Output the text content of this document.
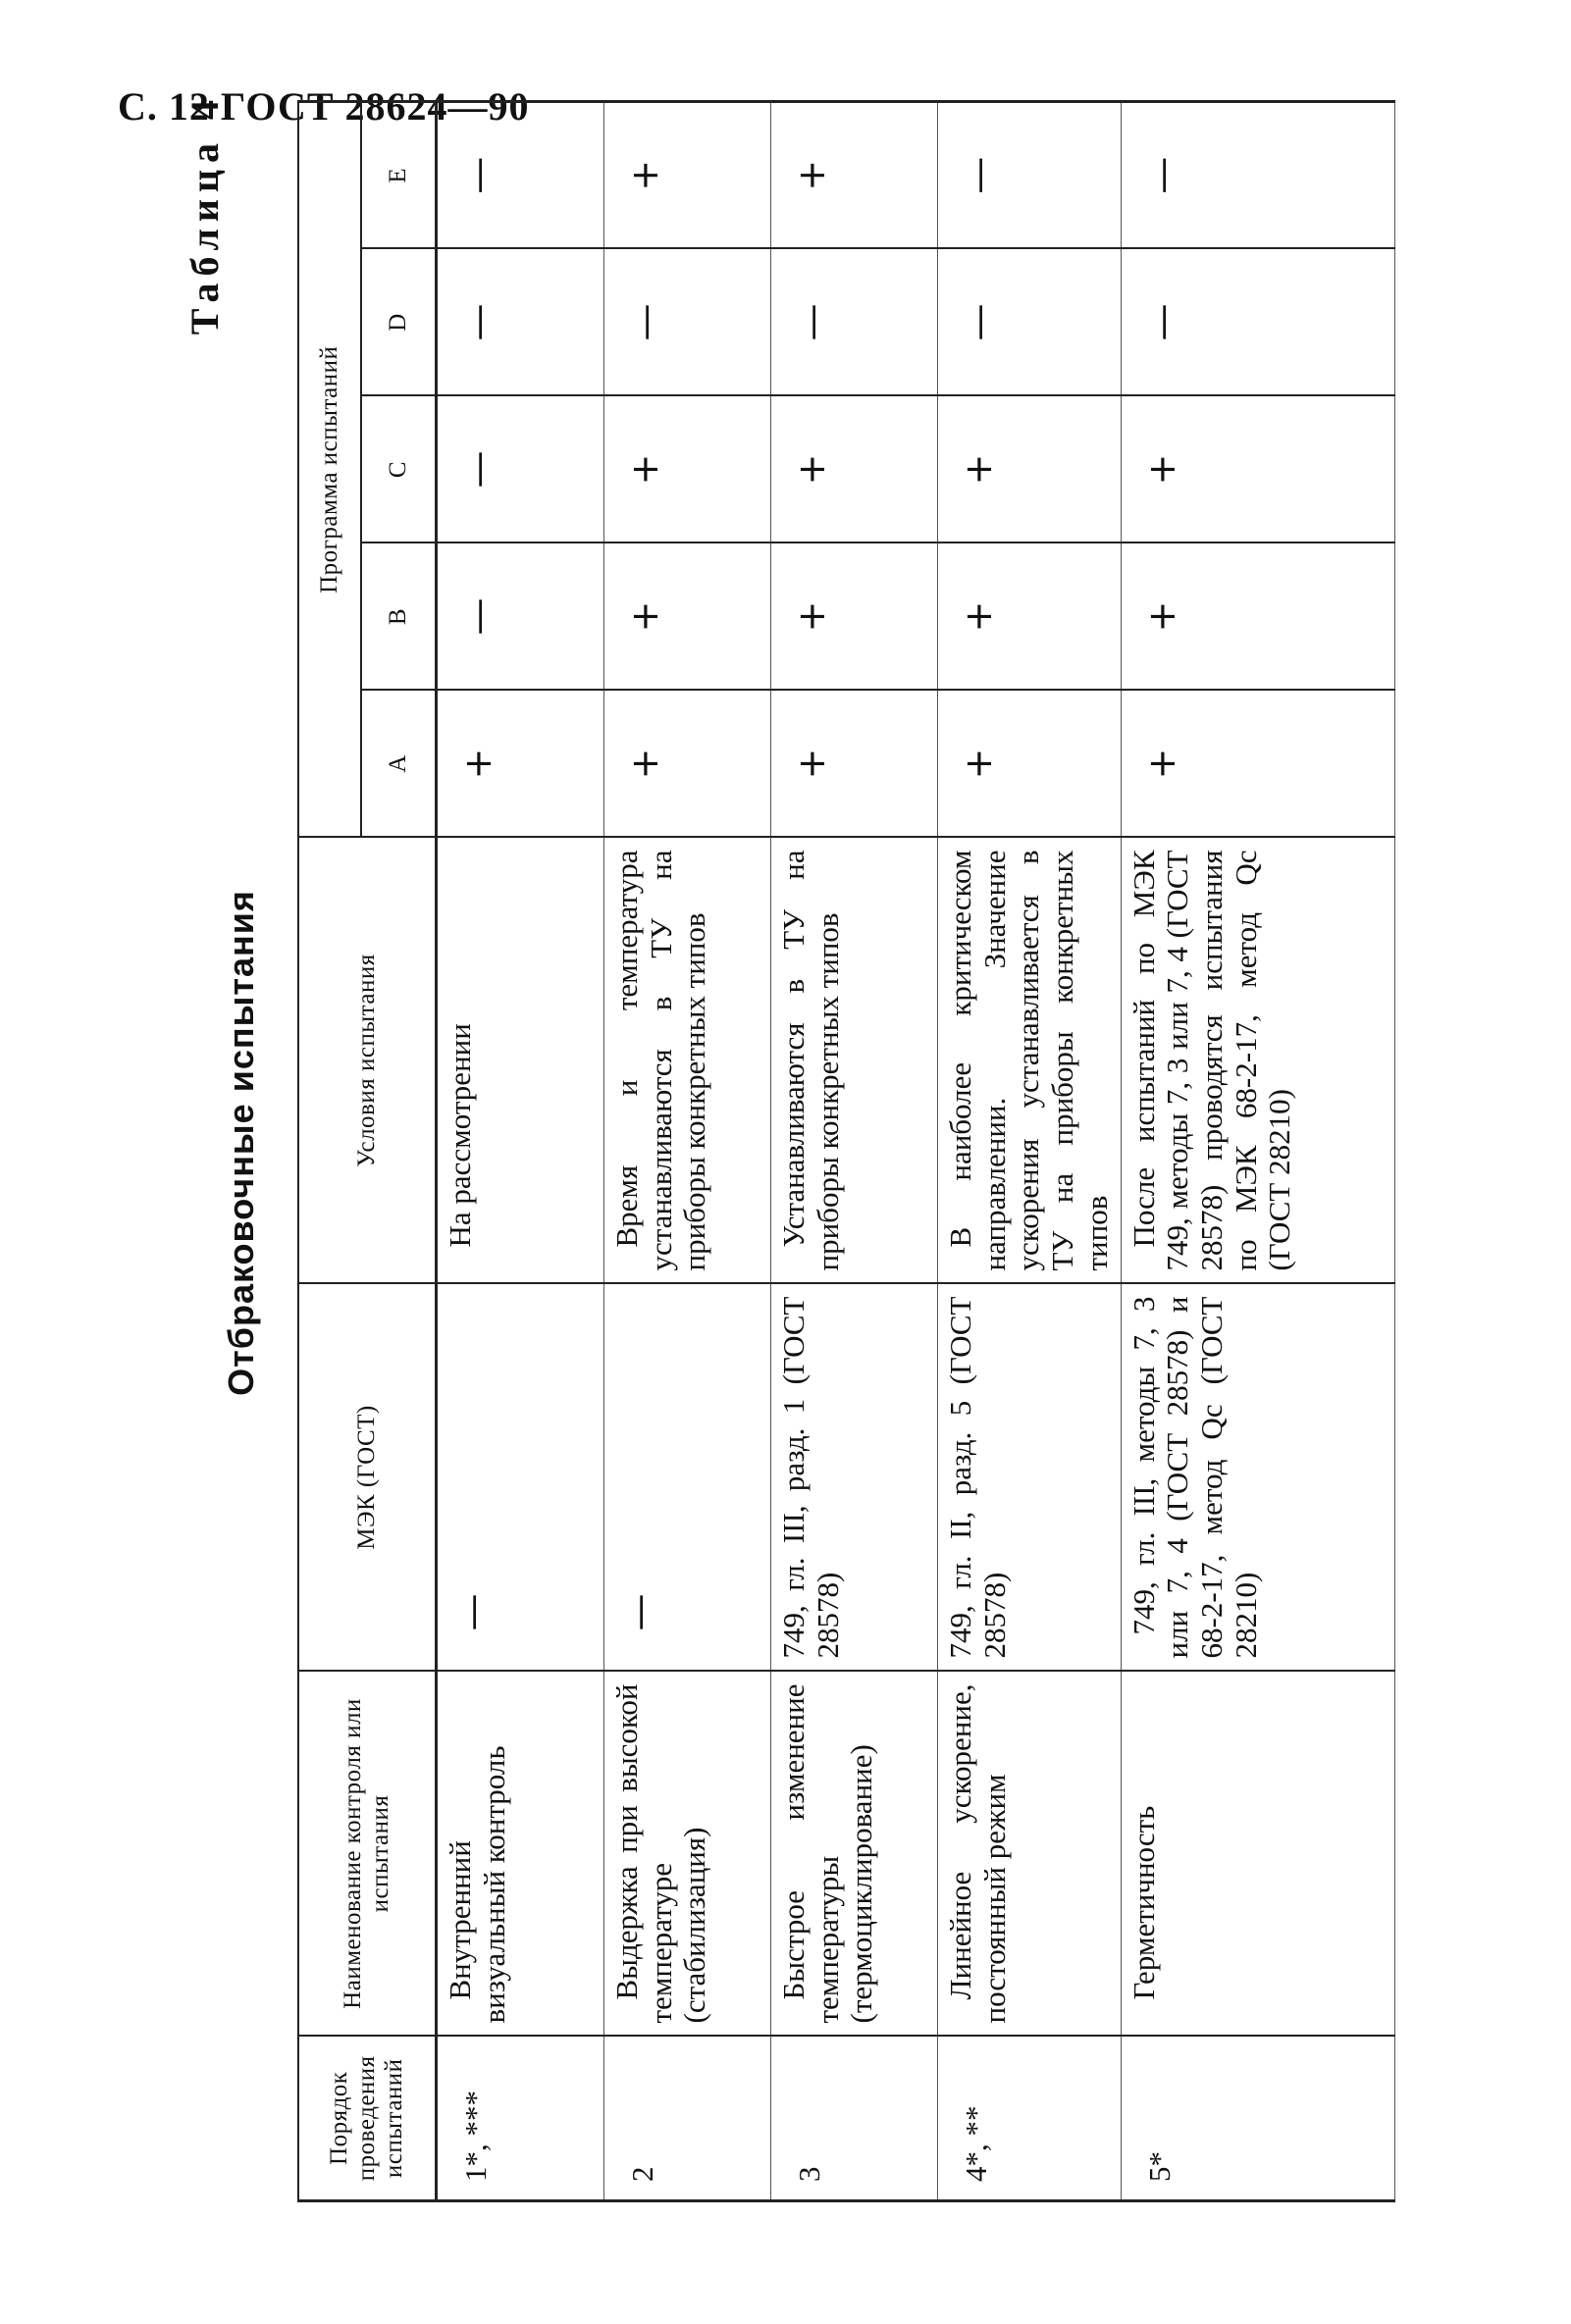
С. 12 ГОСТ 28624—90
Таблица 4
Отбраковочные испытания
Порядок проведения испытаний	Наименование контроля или испытания	МЭК (ГОСТ)	Условия испытания	Программа испытаний				
				A	B	C	D	E
1*, ***	Внутренний визуальный контроль	—	На рассмотрении	+	—	—	—	—
2	Выдержка при высокой температуре (стабилизация)	—	Время и температура устанавливаются в ТУ на приборы конкретных типов	+	+	+	—	+
3	Быстрое изменение температуры (термоциклирование)	749, гл. III, разд. 1 (ГОСТ 28578)	Устанавливаются в ТУ на приборы конкретных типов	+	+	+	—	+
4*, **	Линейное ускорение, постоянный режим	749, гл. II, разд. 5 (ГОСТ 28578)	В наиболее критическом направлении. Значение ускорения устанавливается в ТУ на приборы конкретных типов	+	+	+	—	—
5*	Герметичность	749, гл. III, методы 7, 3 или 7, 4 (ГОСТ 28578) и 68-2-17, метод Qc (ГОСТ 28210)	После испытаний по МЭК 749, методы 7, 3 или 7, 4 (ГОСТ 28578) проводятся испытания по МЭК 68-2-17, метод Qc (ГОСТ 28210)	+	+	+	—	—
